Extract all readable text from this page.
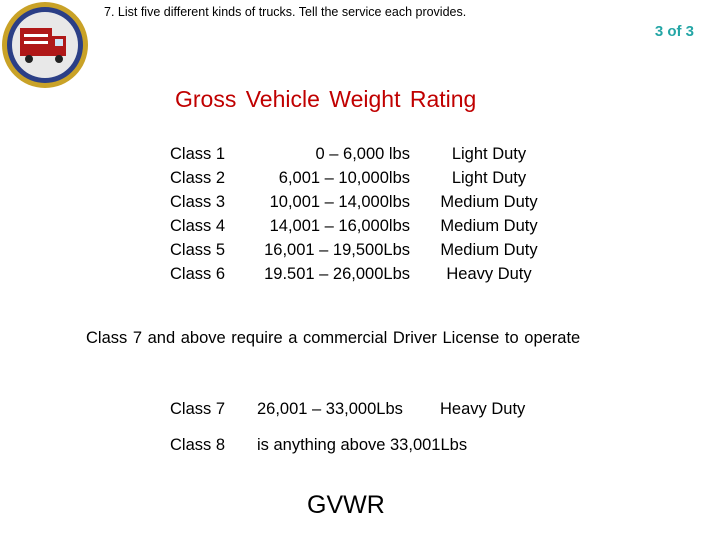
7. List five different kinds of trucks. Tell the service each provides.
3 of 3
Gross Vehicle Weight Rating
Class 1
Class 2
Class 3
Class 4
Class 5
Class 6
0 – 6,000 lbs
6,001 – 10,000lbs
10,001 – 14,000lbs
14,001 – 16,000lbs
16,001 – 19,500Lbs
19.501 – 26,000Lbs
Light Duty
Light Duty
Medium Duty
Medium Duty
Medium Duty
Heavy Duty
Class 7 and above require a commercial Driver License to operate
Class 7 26,001 – 33,000Lbs Heavy Duty
Class 8 is anything above 33,001Lbs
GVWR
